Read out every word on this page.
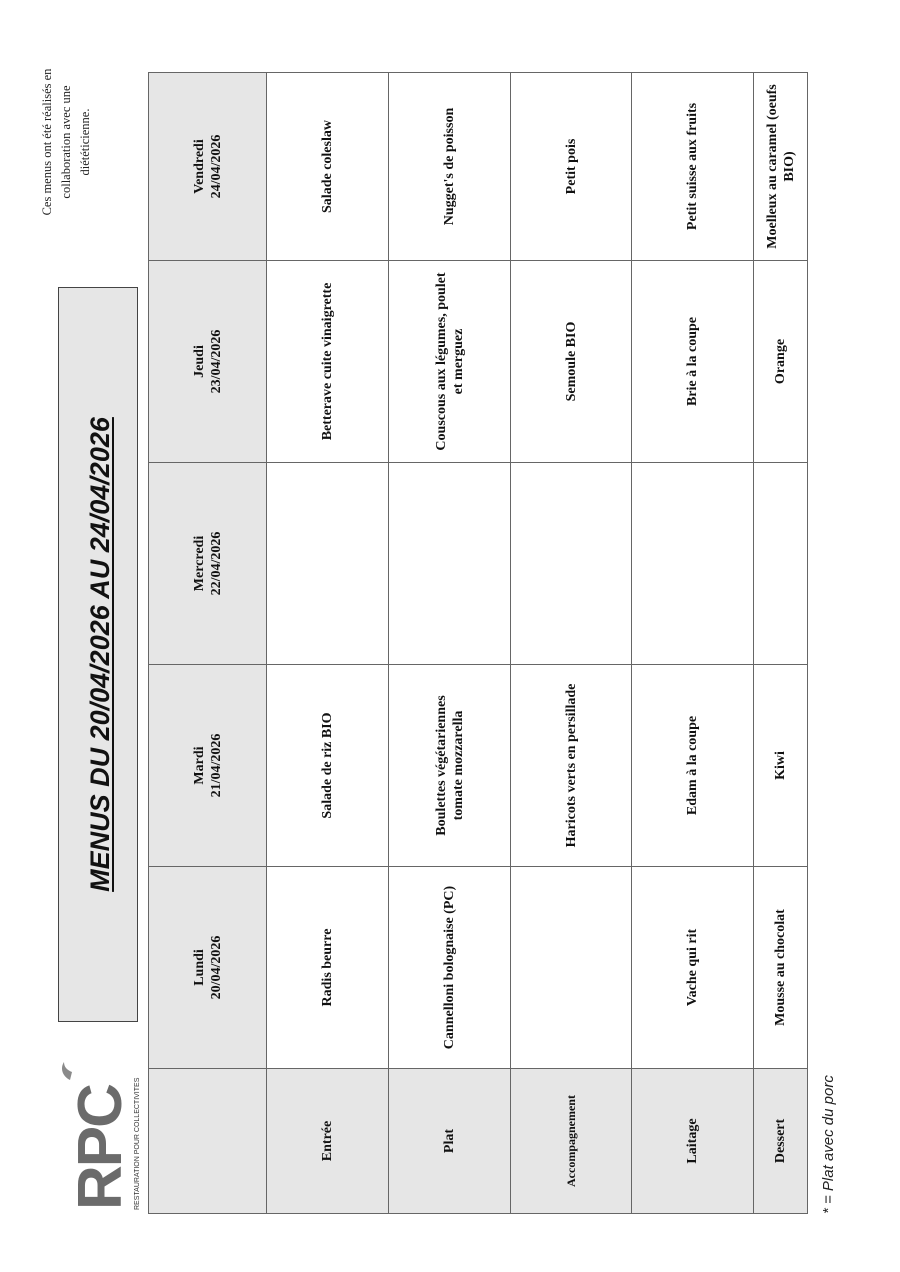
RPC RESTAURATION POUR COLLECTIVITES
MENUS DU 20/04/2026 AU 24/04/2026
Ces menus ont été réalisés en collaboration avec une diététicienne.
Lundi 20/04/2026
Mardi 21/04/2026
Mercredi 22/04/2026
Jeudi 23/04/2026
Vendredi 24/04/2026
Entrée
Radis beurre
Salade de riz BIO
Betterave cuite vinaigrette
Salade coleslaw
Plat
Cannelloni bolognaise (PC)
Boulettes végétariennes tomate mozzarella
Couscous aux légumes, poulet et merguez
Nugget's de poisson
Accompagnement
Haricots verts en persillade
Semoule BIO
Petit pois
Laitage
Vache qui rit
Edam à la coupe
Brie à la coupe
Petit suisse aux fruits
Dessert
Mousse au chocolat
Kiwi
Orange
Moelleux au caramel (oeufs BIO)
* = Plat avec du porc
